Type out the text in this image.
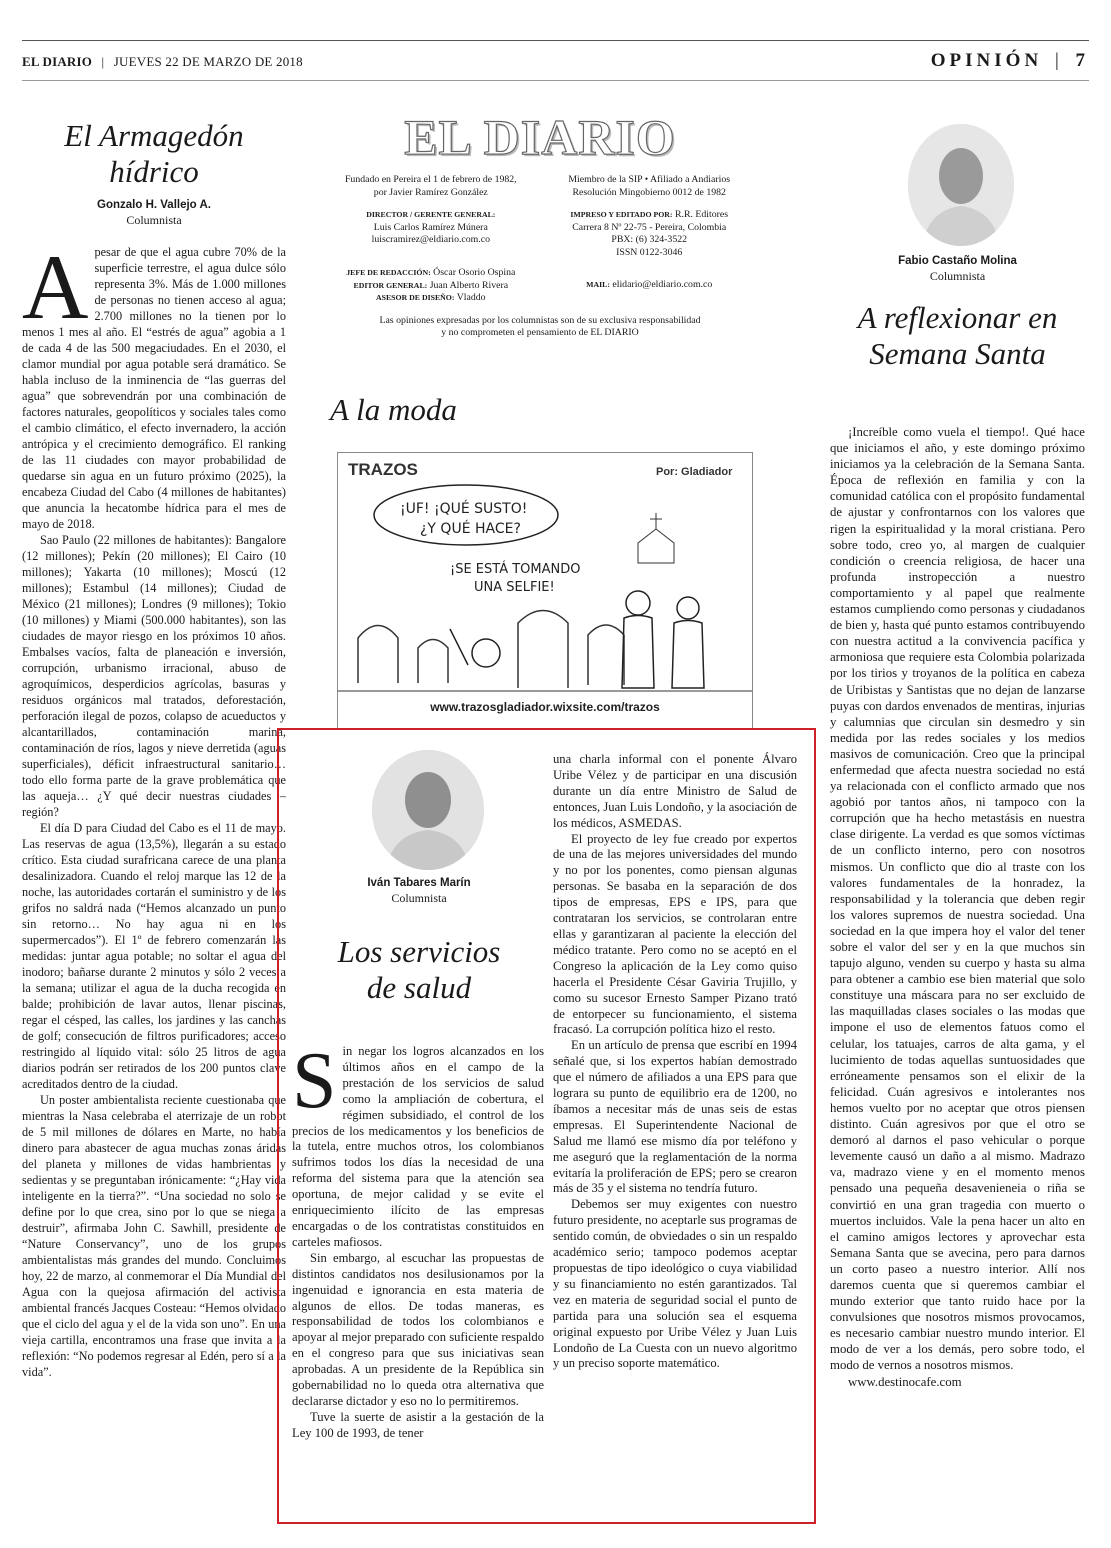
EL DIARIO | JUEVES 22 DE MARZO DE 2018	OPINIÓN | 7
El Armagedón
hídrico
Gonzalo H. Vallejo A.
Columnista

Apesar de que el agua cubre 70% de la superficie terrestre, el agua dulce sólo representa 3%. Más de 1.000 millones de personas no tienen acceso al agua; 2.700 millones no la tienen por lo menos 1 mes al año. El “estrés de agua” agobia a 1 de cada 4 de las 500 megaciudades. En el 2030, el clamor mundial por agua potable será dramático. Se habla incluso de la inminencia de “las guerras del agua” que sobrevendrán por una combinación de factores naturales, geopolíticos y sociales tales como el cambio climático, el efecto invernadero, la acción antrópica y el crecimiento demográfico. El ranking de las 11 ciudades con mayor probabilidad de quedarse sin agua en un futuro próximo (2025), la encabeza Ciudad del Cabo (4 millones de habitantes) que anuncia la hecatombe hídrica para el mes de mayo de 2018.

Sao Paulo (22 millones de habitantes): Bangalore (12 millones); Pekín (20 millones); El Cairo (10 millones); Yakarta (10 millones); Moscú (12 millones); Estambul (14 millones); Ciudad de México (21 millones); Londres (9 millones); Tokio (10 millones) y Miami (500.000 habitantes), son las ciudades de mayor riesgo en los próximos 10 años. Embalses vacíos, falta de planeación e inversión, corrupción, urbanismo irracional, abuso de agroquímicos, desperdicios agrícolas, basuras y residuos orgánicos mal tratados, deforestación, perforación ilegal de pozos, colapso de acueductos y alcantarillados, contaminación marina, contaminación de ríos, lagos y nieve derretida (aguas superficiales), déficit infraestructural sanitario… todo ello forma parte de la grave problemática que las aqueja… ¿Y qué decir nuestras ciudades – región?

El día D para Ciudad del Cabo es el 11 de mayo. Las reservas de agua (13,5%), llegarán a su estado crítico. Esta ciudad surafricana carece de una planta desalinizadora. Cuando el reloj marque las 12 de la noche, las autoridades cortarán el suministro y de los grifos no saldrá nada (“Hemos alcanzado un punto sin retorno… No hay agua ni en los supermercados”). El 1º de febrero comenzarán las medidas: juntar agua potable; no soltar el agua del inodoro; bañarse durante 2 minutos y sólo 2 veces a la semana; utilizar el agua de la ducha recogida en balde; prohibición de lavar autos, llenar piscinas, regar el césped, las calles, los jardines y las canchas de golf; consecución de filtros purificadores; acceso restringido al líquido vital: sólo 25 litros de agua diarios podrán ser retirados de los 200 puntos clave acreditados dentro de la ciudad.

Un poster ambientalista reciente cuestionaba que mientras la Nasa celebraba el aterrizaje de un robot de 5 mil millones de dólares en Marte, no había dinero para abastecer de agua muchas zonas áridas del planeta y millones de vidas hambrientas y sedientas y se preguntaban irónicamente: “¿Hay vida inteligente en la tierra?”. “Una sociedad no solo se define por lo que crea, sino por lo que se niega a destruir”, afirmaba John C. Sawhill, presidente de “Nature Conservancy”, uno de los grupos ambientalistas más grandes del mundo. Concluimos hoy, 22 de marzo, al conmemorar el Día Mundial del Agua con la quejosa afirmación del activista ambiental francés Jacques Costeau: “Hemos olvidado que el ciclo del agua y el de la vida son uno”. En una vieja cartilla, encontramos una frase que invita a la reflexión: “No podemos regresar al Edén, pero sí a la vida”.

EL DIARIO
Fundado en Pereira el 1 de febrero de 1982,
por Javier Ramírez González
Miembro de la SIP • Afiliado a Andiarios
Resolución Mingobierno 0012 de 1982
DIRECTOR / GERENTE GENERAL:
Luis Carlos Ramírez Múnera
luiscramirez@eldiario.com.co
IMPRESO Y EDITADO POR: R.R. Editores
Carrera 8 Nº 22-75 - Pereira, Colombia
PBX: (6) 324-3522
ISSN 0122-3046
JEFE DE REDACCIÓN: Óscar Osorio Ospina
EDITOR GENERAL: Juan Alberto Rivera
ASESOR DE DISEÑO: Vladdo
MAIL: elidario@eldiario.com.co
Las opiniones expresadas por los columnistas son de su exclusiva responsabilidad
y no comprometen el pensamiento de EL DIARIO
A la moda
TRAZOS	Por: Gladiador
¡UF! ¡QUÉ SUSTO!
¿Y QUÉ HACE?
¡SE ESTÁ TOMANDO
UNA SELFIE!
www.trazosgladiador.wixsite.com/trazos
Fabio Castaño Molina
Columnista
A reflexionar en
Semana Santa

¡Increíble como vuela el tiempo!. Qué hace que iniciamos el año, y este domingo próximo iniciamos ya la celebración de la Semana Santa. Época de reflexión en familia y con la comunidad católica con el propósito fundamental de ajustar y confrontarnos con los valores que rigen la espiritualidad y la moral cristiana. Pero sobre todo, creo yo, al margen de cualquier condición o creencia religiosa, de hacer una profunda instropección a nuestro comportamiento y al papel que realmente estamos cumpliendo como personas y ciudadanos de bien y, hasta qué punto estamos contribuyendo con nuestra actitud a la convivencia pacífica y armoniosa que requiere esta Colombia polarizada por los tirios y troyanos de la política en cabeza de Uribistas y Santistas que no dejan de lanzarse puyas con dardos envenados de mentiras, injurias y calumnias que circulan sin desmedro y sin medida por las redes sociales y los medios masivos de comunicación. Creo que la principal enfermedad que afecta nuestra sociedad no está ya relacionada con el conflicto armado que nos agobió por tantos años, ni tampoco con la corrupción que ha hecho metastásis en nuestra clase dirigente. La verdad es que somos víctimas de un conflicto interno, pero con nosotros mismos. Un conflicto que dio al traste con los valores fundamentales de la honradez, la responsabilidad y la tolerancia que deben regir los valores supremos de nuestra sociedad. Una sociedad en la que impera hoy el valor del tener sobre el valor del ser y en la que muchos sin tapujo alguno, venden su cuerpo y hasta su alma para obtener a cambio ese bien material que solo constituye una máscara para no ser excluido de las maquilladas clases sociales o las modas que impone el uso de elementos fatuos como el celular, los tatuajes, carros de alta gama, y el lucimiento de todas aquellas suntuosidades que erróneamente pensamos son el elixir de la felicidad. Cuán agresivos e intolerantes nos hemos vuelto por no aceptar que otros piensen distinto. Cuán agresivos por que el otro se demoró al darnos el paso vehicular o porque levemente causó un daño a al mismo. Madrazo va, madrazo viene y en el momento menos pensado una pequeña desavenieneia o riña se convirtió en una gran tragedia con muerto o muertos incluidos. Vale la pena hacer un alto en el camino amigos lectores y aprovechar esta Semana Santa que se avecina, pero para darnos un corto paseo a nuestro interior. Allí nos daremos cuenta que si queremos cambiar el mundo exterior que tanto ruido hace por la convulsiones que nosotros mismos provocamos, es necesario cambiar nuestro mundo interior. El modo de ver a los demás, pero sobre todo, el modo de vernos a nosotros mismos.

www.destinocafe.com

Iván Tabares Marín
Columnista
Los servicios
de salud

Sin negar los logros alcanzados en los últimos años en el campo de la prestación de los servicios de salud como la ampliación de cobertura, el régimen subsidiado, el control de los precios de los medicamentos y los beneficios de la tutela, entre muchos otros, los colombianos sufrimos todos los días la necesidad de una reforma del sistema para que la atención sea oportuna, de mejor calidad y se evite el enriquecimiento ilícito de las empresas encargadas o de los contratistas constituidos en carteles mafiosos.

Sin embargo, al escuchar las propuestas de distintos candidatos nos desilusionamos por la ingenuidad e ignorancia en esta materia de algunos de ellos. De todas maneras, es responsabilidad de todos los colombianos e apoyar al mejor preparado con suficiente respaldo en el congreso para que sus iniciativas sean aprobadas. A un presidente de la República sin gobernabilidad no lo queda otra alternativa que declararse dictador y eso no lo permitiremos.

Tuve la suerte de asistir a la gestación de la Ley 100 de 1993, de tener

una charla informal con el ponente Álvaro Uribe Vélez y de participar en una discusión durante un día entre Ministro de Salud de entonces, Juan Luis Londoño, y la asociación de los médicos, ASMEDAS.

El proyecto de ley fue creado por expertos de una de las mejores universidades del mundo y no por los ponentes, como piensan algunas personas. Se basaba en la separación de dos tipos de empresas, EPS e IPS, para que contrataran los servicios, se controlaran entre ellas y garantizaran al paciente la elección del médico tratante. Pero como no se aceptó en el Congreso la aplicación de la Ley como quiso hacerla el Presidente César Gaviria Trujillo, y como su sucesor Ernesto Samper Pizano trató de entorpecer su funcionamiento, el sistema fracasó. La corrupción política hizo el resto.

En un artículo de prensa que escribí en 1994 señalé que, si los expertos habían demostrado que el número de afiliados a una EPS para que lograra su punto de equilibrio era de 1200, no íbamos a necesitar más de unas seis de estas empresas. El Superintendente Nacional de Salud me llamó ese mismo día por teléfono y me aseguró que la reglamentación de la norma evitaría la proliferación de EPS; pero se crearon más de 35 y el sistema no tendría futuro.

Debemos ser muy exigentes con nuestro futuro presidente, no aceptarle sus programas de sentido común, de obviedades o sin un respaldo académico serio; tampoco podemos aceptar propuestas de tipo ideológico o cuya viabilidad y su financiamiento no estén garantizados. Tal vez en materia de seguridad social el punto de partida para una solución sea el esquema original expuesto por Uribe Vélez y Juan Luis Londoño de La Cuesta con un nuevo algoritmo y un preciso soporte matemático.
